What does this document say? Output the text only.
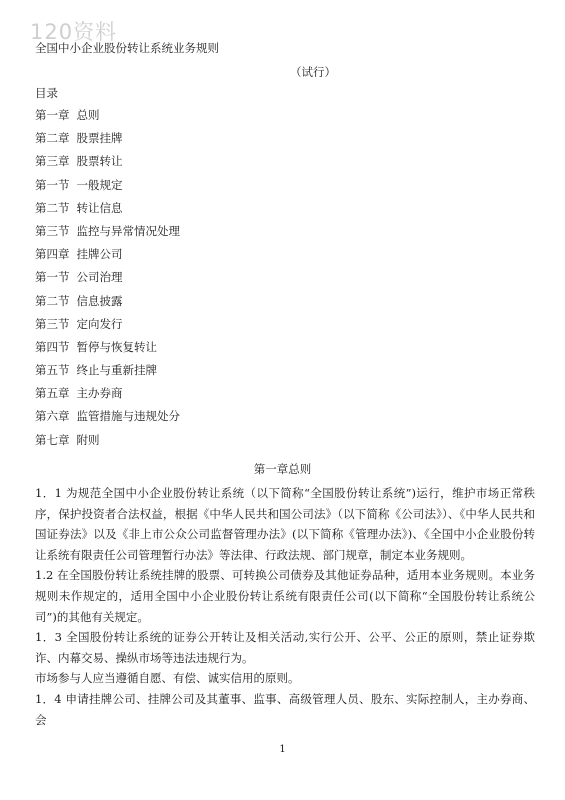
120资料
全国中小企业股份转让系统业务规则
（试行）
目录
第一章 总则
第二章 股票挂牌
第三章 股票转让
第一节 一般规定
第二节 转让信息
第三节 监控与异常情况处理
第四章 挂牌公司
第一节 公司治理
第二节 信息披露
第三节 定向发行
第四节 暂停与恢复转让
第五节 终止与重新挂牌
第五章 主办券商
第六章 监管措施与违规处分
第七章 附则
第一章总则

1．1 为规范全国中小企业股份转让系统（以下简称“全国股份转让系统”)运行，维护市场正常秩序，保护投资者合法权益，根据《中华人民共和国公司法》（以下简称《公司法》）、《中华人民共和国证券法》以及《非上市公众公司监督管理办法》(以下简称《管理办法》)、《全国中小企业股份转让系统有限责任公司管理暂行办法》等法律、行政法规、部门规章，制定本业务规则。

1.2 在全国股份转让系统挂牌的股票、可转换公司债券及其他证券品种，适用本业务规则。本业务规则未作规定的，适用全国中小企业股份转让系统有限责任公司(以下简称“全国股份转让系统公司”)的其他有关规定。

1．3 全国股份转让系统的证券公开转让及相关活动,实行公开、公平、公正的原则，禁止证券欺诈、内幕交易、操纵市场等违法违规行为。

市场参与人应当遵循自愿、有偿、诚实信用的原则。

1．4 申请挂牌公司、挂牌公司及其董事、监事、高级管理人员、股东、实际控制人，主办券商、会

1
